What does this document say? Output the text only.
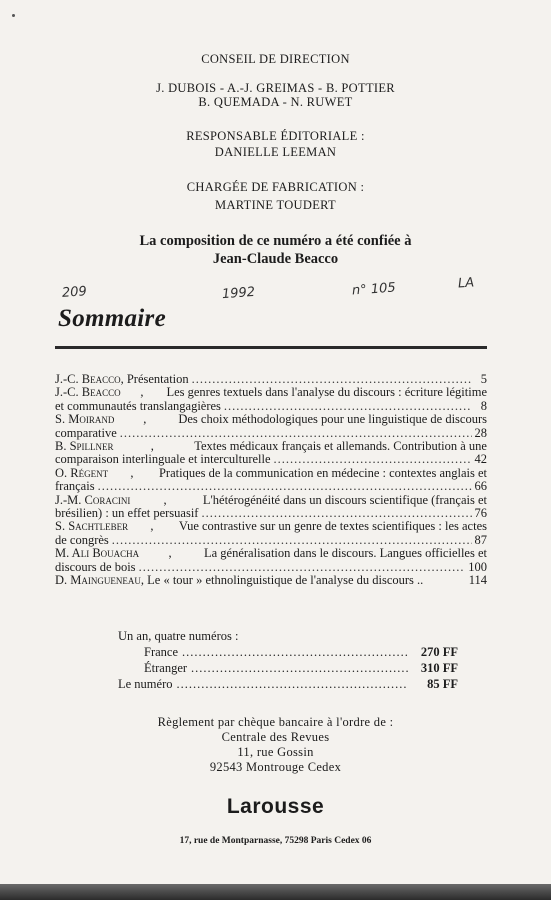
CONSEIL DE DIRECTION
J. DUBOIS - A.-J. GREIMAS - B. POTTIER
B. QUEMADA - N. RUWET
RESPONSABLE ÉDITORIALE :
DANIELLE LEEMAN
CHARGÉE DE FABRICATION :
MARTINE TOUDERT
La composition de ce numéro a été confiée à
Jean-Claude Beacco
209	1992	n° 105	LA
Sommaire
J.-C. Beacco , Présentation .....	5
J.-C. Beacco , Les genres textuels dans l'analyse du discours : écriture légitime
et communautés translangagières .....	8
S. Moirand , Des choix méthodologiques pour une linguistique de discours
comparative .....	28
B. Spillner	,	Textes médicaux français et allemands. Contribution à une
comparaison interlinguale et interculturelle .....	42
O. Régent , Pratiques de la communication en médecine : contextes anglais et
français .....	66
J.-M. Coracini	,	L'hétérogénéité dans un discours scientifique (français et
brésilien) : un effet persuasif .....	76
S. Sachtleber , Vue contrastive sur un genre de textes scientifiques : les actes
de congrès .....	87
M. Ali Bouacha , La généralisation dans le discours. Langues officielles et
discours de bois .....	100
D. Maingueneau , Le « tour » ethnolinguistique de l'analyse du discours ..	114
Un an, quatre numéros :
France .....	270 FF
Étranger .....	310 FF
Le numéro .....	85 FF
Règlement par chèque bancaire à l'ordre de :
Centrale des Revues
11, rue Gossin
92543 Montrouge Cedex
Larousse
17, rue de Montparnasse, 75298 Paris Cedex 06
